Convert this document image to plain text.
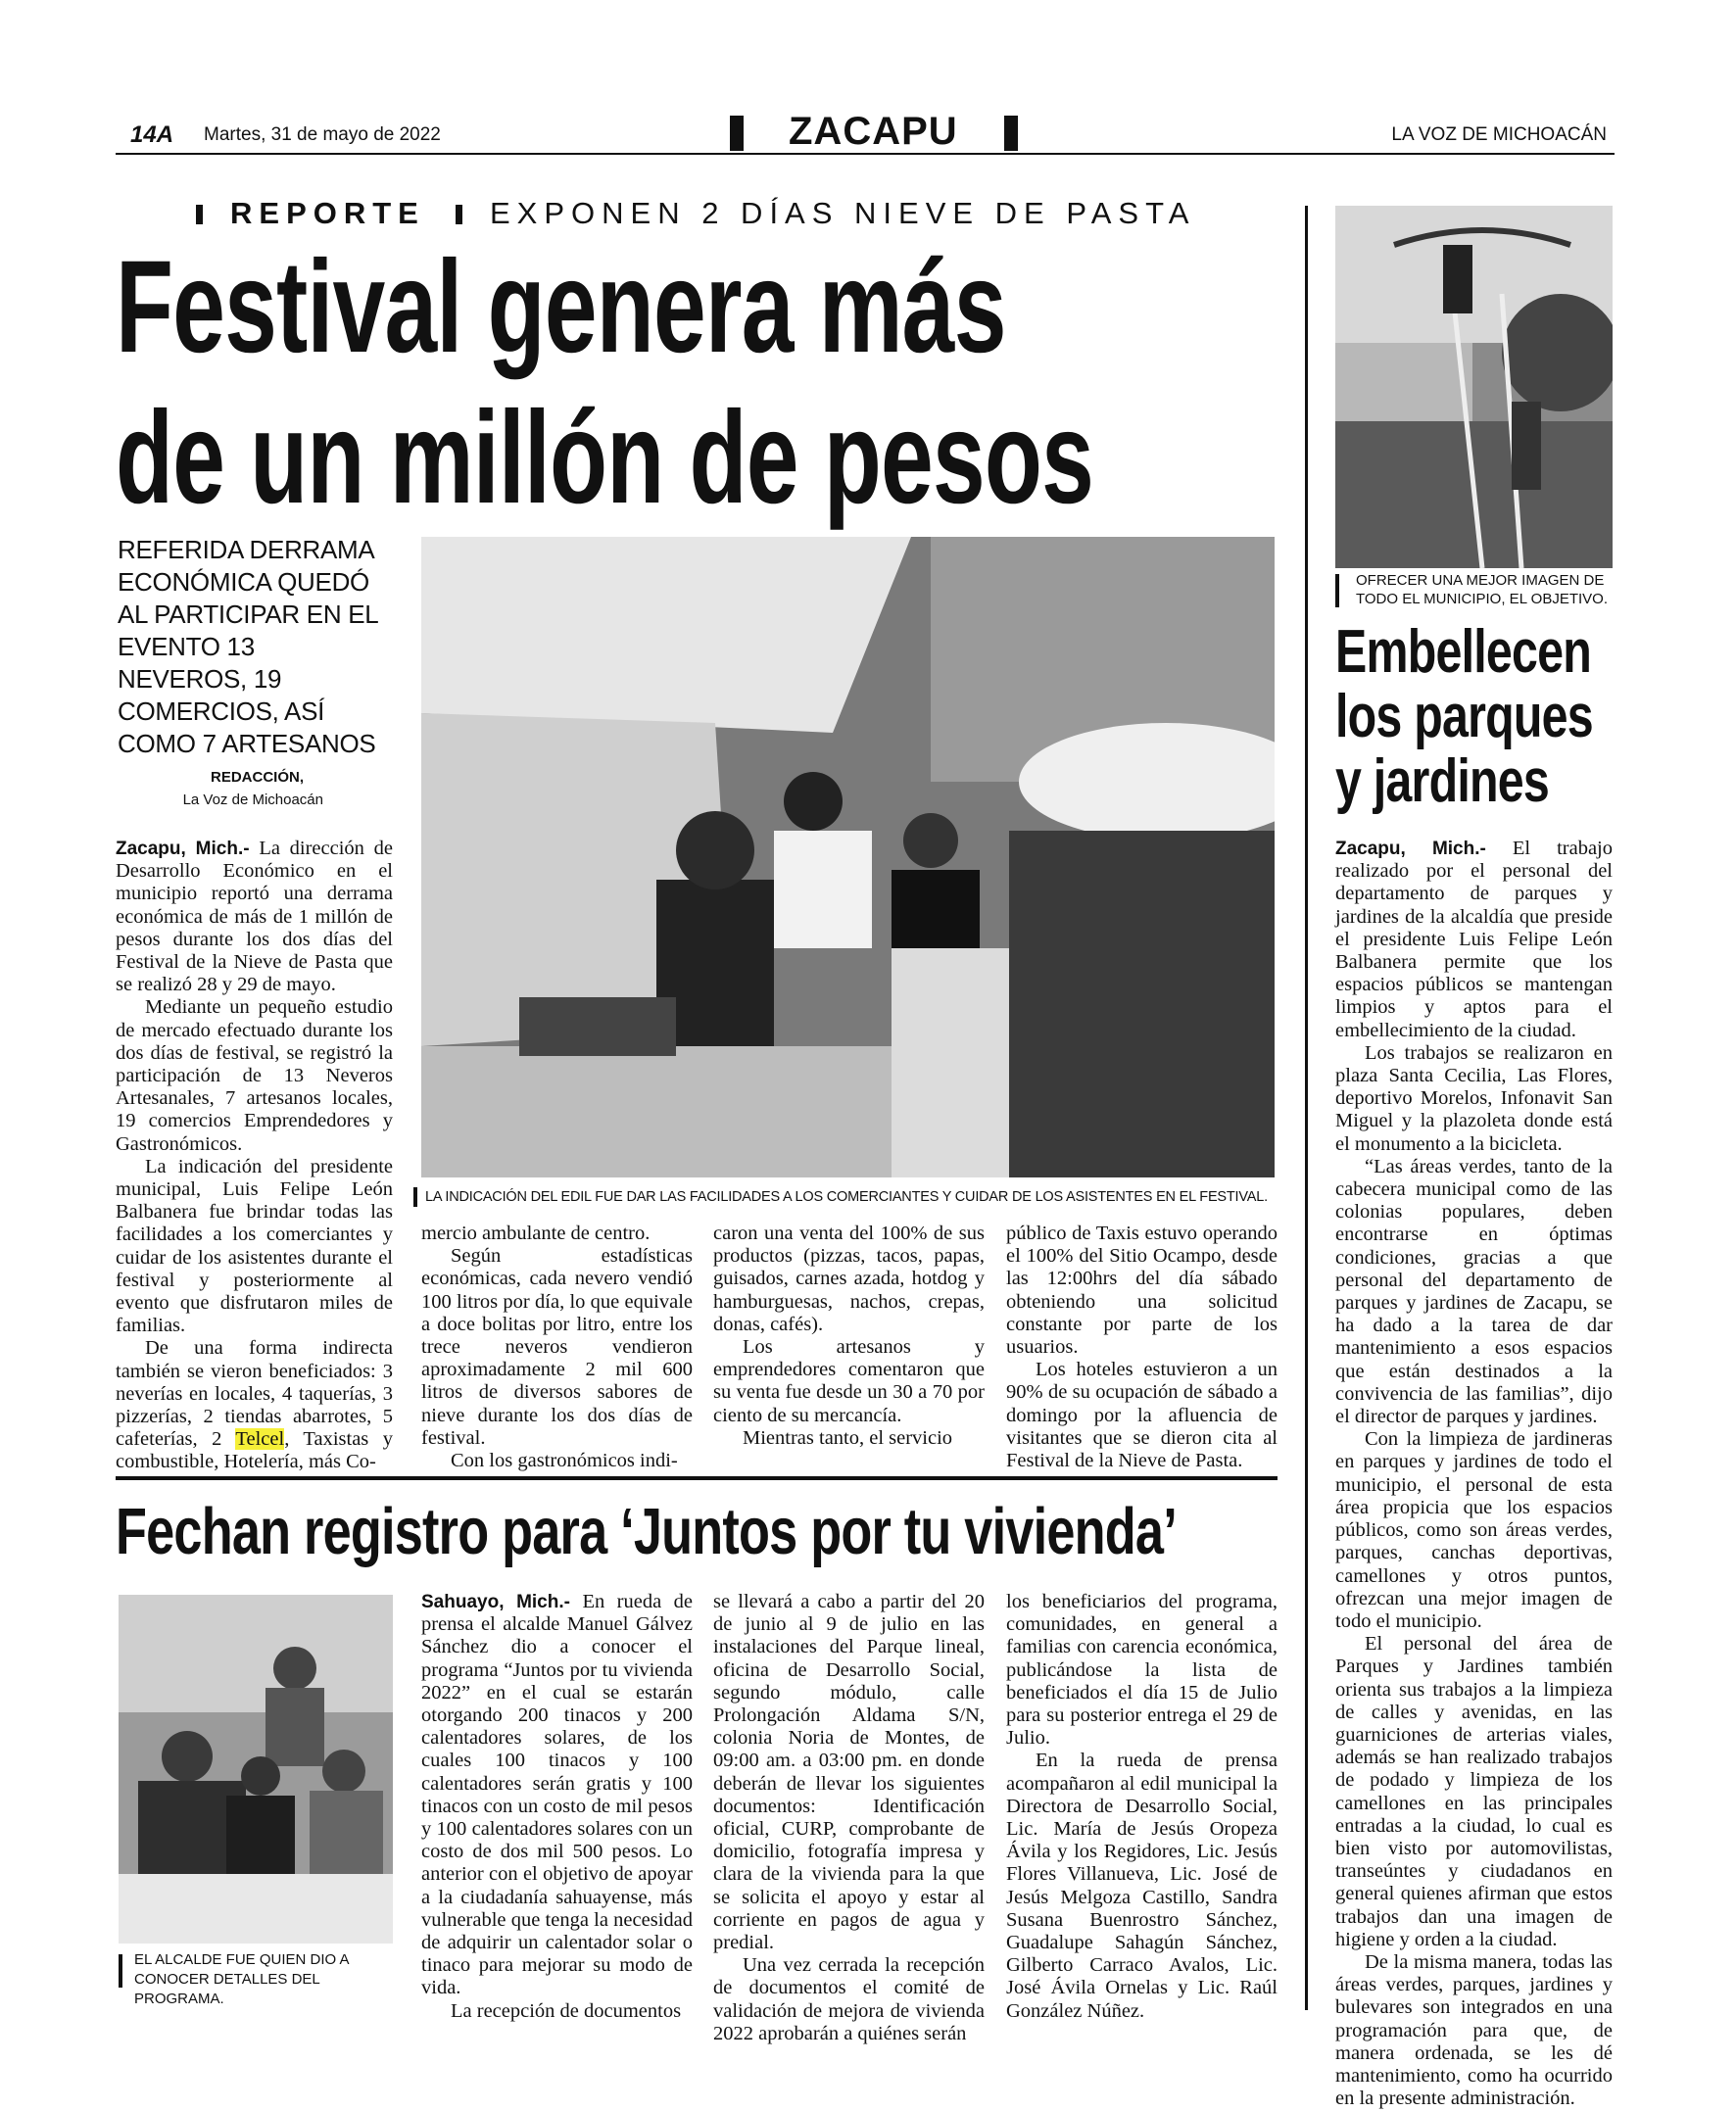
14A Martes, 31 de mayo de 2022	ZACAPU	LA VOZ DE MICHOACÁN
REPORTE EXPONEN 2 DÍAS NIEVE DE PASTA
Festival genera más
de un millón de pesos
REFERIDA DERRAMA ECONÓMICA QUEDÓ AL PARTICIPAR EN EL EVENTO 13 NEVEROS, 19 COMERCIOS, ASÍ COMO 7 ARTESANOS
REDACCIÓN,
La Voz de Michoacán
LA INDICACIÓN DEL EDIL FUE DAR LAS FACILIDADES A LOS COMERCIANTES Y CUIDAR DE LOS ASISTENTES EN EL FESTIVAL.

Zacapu, Mich.- La dirección de Desarrollo Económico en el municipio reportó una derrama económica de más de 1 millón de pesos durante los dos días del Festival de la Nieve de Pasta que se realizó 28 y 29 de mayo.

Mediante un pequeño estudio de mercado efectuado durante los dos días de festival, se registró la participación de 13 Neveros Artesanales, 7 artesanos locales, 19 comercios Emprendedores y Gastronómicos.

La indicación del presidente municipal, Luis Felipe León Balbanera fue brindar todas las facilidades a los comerciantes y cuidar de los asistentes durante el festival y posteriormente al evento que disfrutaron miles de familias.

De una forma indirecta también se vieron beneficiados: 3 neverías en locales, 4 taquerías, 3 pizzerías, 2 tiendas abarrotes, 5 cafeterías, 2 Telcel, Taxistas y combustible, Hotelería, más Co-

mercio ambulante de centro.

Según estadísticas económicas, cada nevero vendió 100 litros por día, lo que equivale a doce bolitas por litro, entre los trece neveros vendieron aproximadamente 2 mil 600 litros de diversos sabores de nieve durante los dos días de festival.

Con los gastronómicos indi-

caron una venta del 100% de sus productos (pizzas, tacos, papas, guisados, carnes azada, hotdog y hamburguesas, nachos, crepas, donas, cafés).

Los artesanos y emprendedores comentaron que su venta fue desde un 30 a 70 por ciento de su mercancía.

Mientras tanto, el servicio

público de Taxis estuvo operando el 100% del Sitio Ocampo, desde las 12:00hrs del día sábado obteniendo una solicitud constante por parte de los usuarios.

Los hoteles estuvieron a un 90% de su ocupación de sábado a domingo por la afluencia de visitantes que se dieron cita al Festival de la Nieve de Pasta.

OFRECER UNA MEJOR IMAGEN DE TODO EL MUNICIPIO, EL OBJETIVO.
Embellecen
los parques
y jardines

Zacapu, Mich.- El trabajo realizado por el personal del departamento de parques y jardines de la alcaldía que preside el presidente Luis Felipe León Balbanera permite que los espacios públicos se mantengan limpios y aptos para el embellecimiento de la ciudad.

Los trabajos se realizaron en plaza Santa Cecilia, Las Flores, deportivo Morelos, Infonavit San Miguel y la plazoleta donde está el monumento a la bicicleta.

“Las áreas verdes, tanto de la cabecera municipal como de las colonias populares, deben encontrarse en óptimas condiciones, gracias a que personal del departamento de parques y jardines de Zacapu, se ha dado a la tarea de dar mantenimiento a esos espacios que están destinados a la convivencia de las familias”, dijo el director de parques y jardines.

Con la limpieza de jardineras en parques y jardines de todo el municipio, el personal de esta área propicia que los espacios públicos, como son áreas verdes, parques, canchas deportivas, camellones y otros puntos, ofrezcan una mejor imagen de todo el municipio.

El personal del área de Parques y Jardines también orienta sus trabajos a la limpieza de calles y avenidas, en las guarniciones de arterias viales, además se han realizado trabajos de podado y limpieza de los camellones en las principales entradas a la ciudad, lo cual es bien visto por automovilistas, transeúntes y ciudadanos en general quienes afirman que estos trabajos dan una imagen de higiene y orden a la ciudad.

De la misma manera, todas las áreas verdes, parques, jardines y bulevares son integrados en una programación para que, de manera ordenada, se les dé mantenimiento, como ha ocurrido en la presente administración.

Fechan registro para ‘Juntos por tu vivienda’
EL ALCALDE FUE QUIEN DIO A CONOCER DETALLES DEL PROGRAMA.

Sahuayo, Mich.- En rueda de prensa el alcalde Manuel Gálvez Sánchez dio a conocer el programa “Juntos por tu vivienda 2022” en el cual se estarán otorgando 200 tinacos y 200 calentadores solares, de los cuales 100 tinacos y 100 calentadores serán gratis y 100 tinacos con un costo de mil pesos y 100 calentadores solares con un costo de dos mil 500 pesos. Lo anterior con el objetivo de apoyar a la ciudadanía sahuayense, más vulnerable que tenga la necesidad de adquirir un calentador solar o tinaco para mejorar su modo de vida.

La recepción de documentos

se llevará a cabo a partir del 20 de junio al 9 de julio en las instalaciones del Parque lineal, oficina de Desarrollo Social, segundo módulo, calle Prolongación Aldama S/N, colonia Noria de Montes, de 09:00 am. a 03:00 pm. en donde deberán de llevar los siguientes documentos: Identificación oficial, CURP, comprobante de domicilio, fotografía impresa y clara de la vivienda para la que se solicita el apoyo y estar al corriente en pagos de agua y predial.

Una vez cerrada la recepción de documentos el comité de validación de mejora de vivienda 2022 aprobarán a quiénes serán

los beneficiarios del programa, comunidades, en general a familias con carencia económica, publicándose la lista de beneficiados el día 15 de Julio para su posterior entrega el 29 de Julio.

En la rueda de prensa acompañaron al edil municipal la Directora de Desarrollo Social, Lic. María de Jesús Oropeza Ávila y los Regidores, Lic. Jesús Flores Villanueva, Lic. José de Jesús Melgoza Castillo, Sandra Susana Buenrostro Sánchez, Guadalupe Sahagún Sánchez, Gilberto Carraco Avalos, Lic. José Ávila Ornelas y Lic. Raúl González Núñez.
